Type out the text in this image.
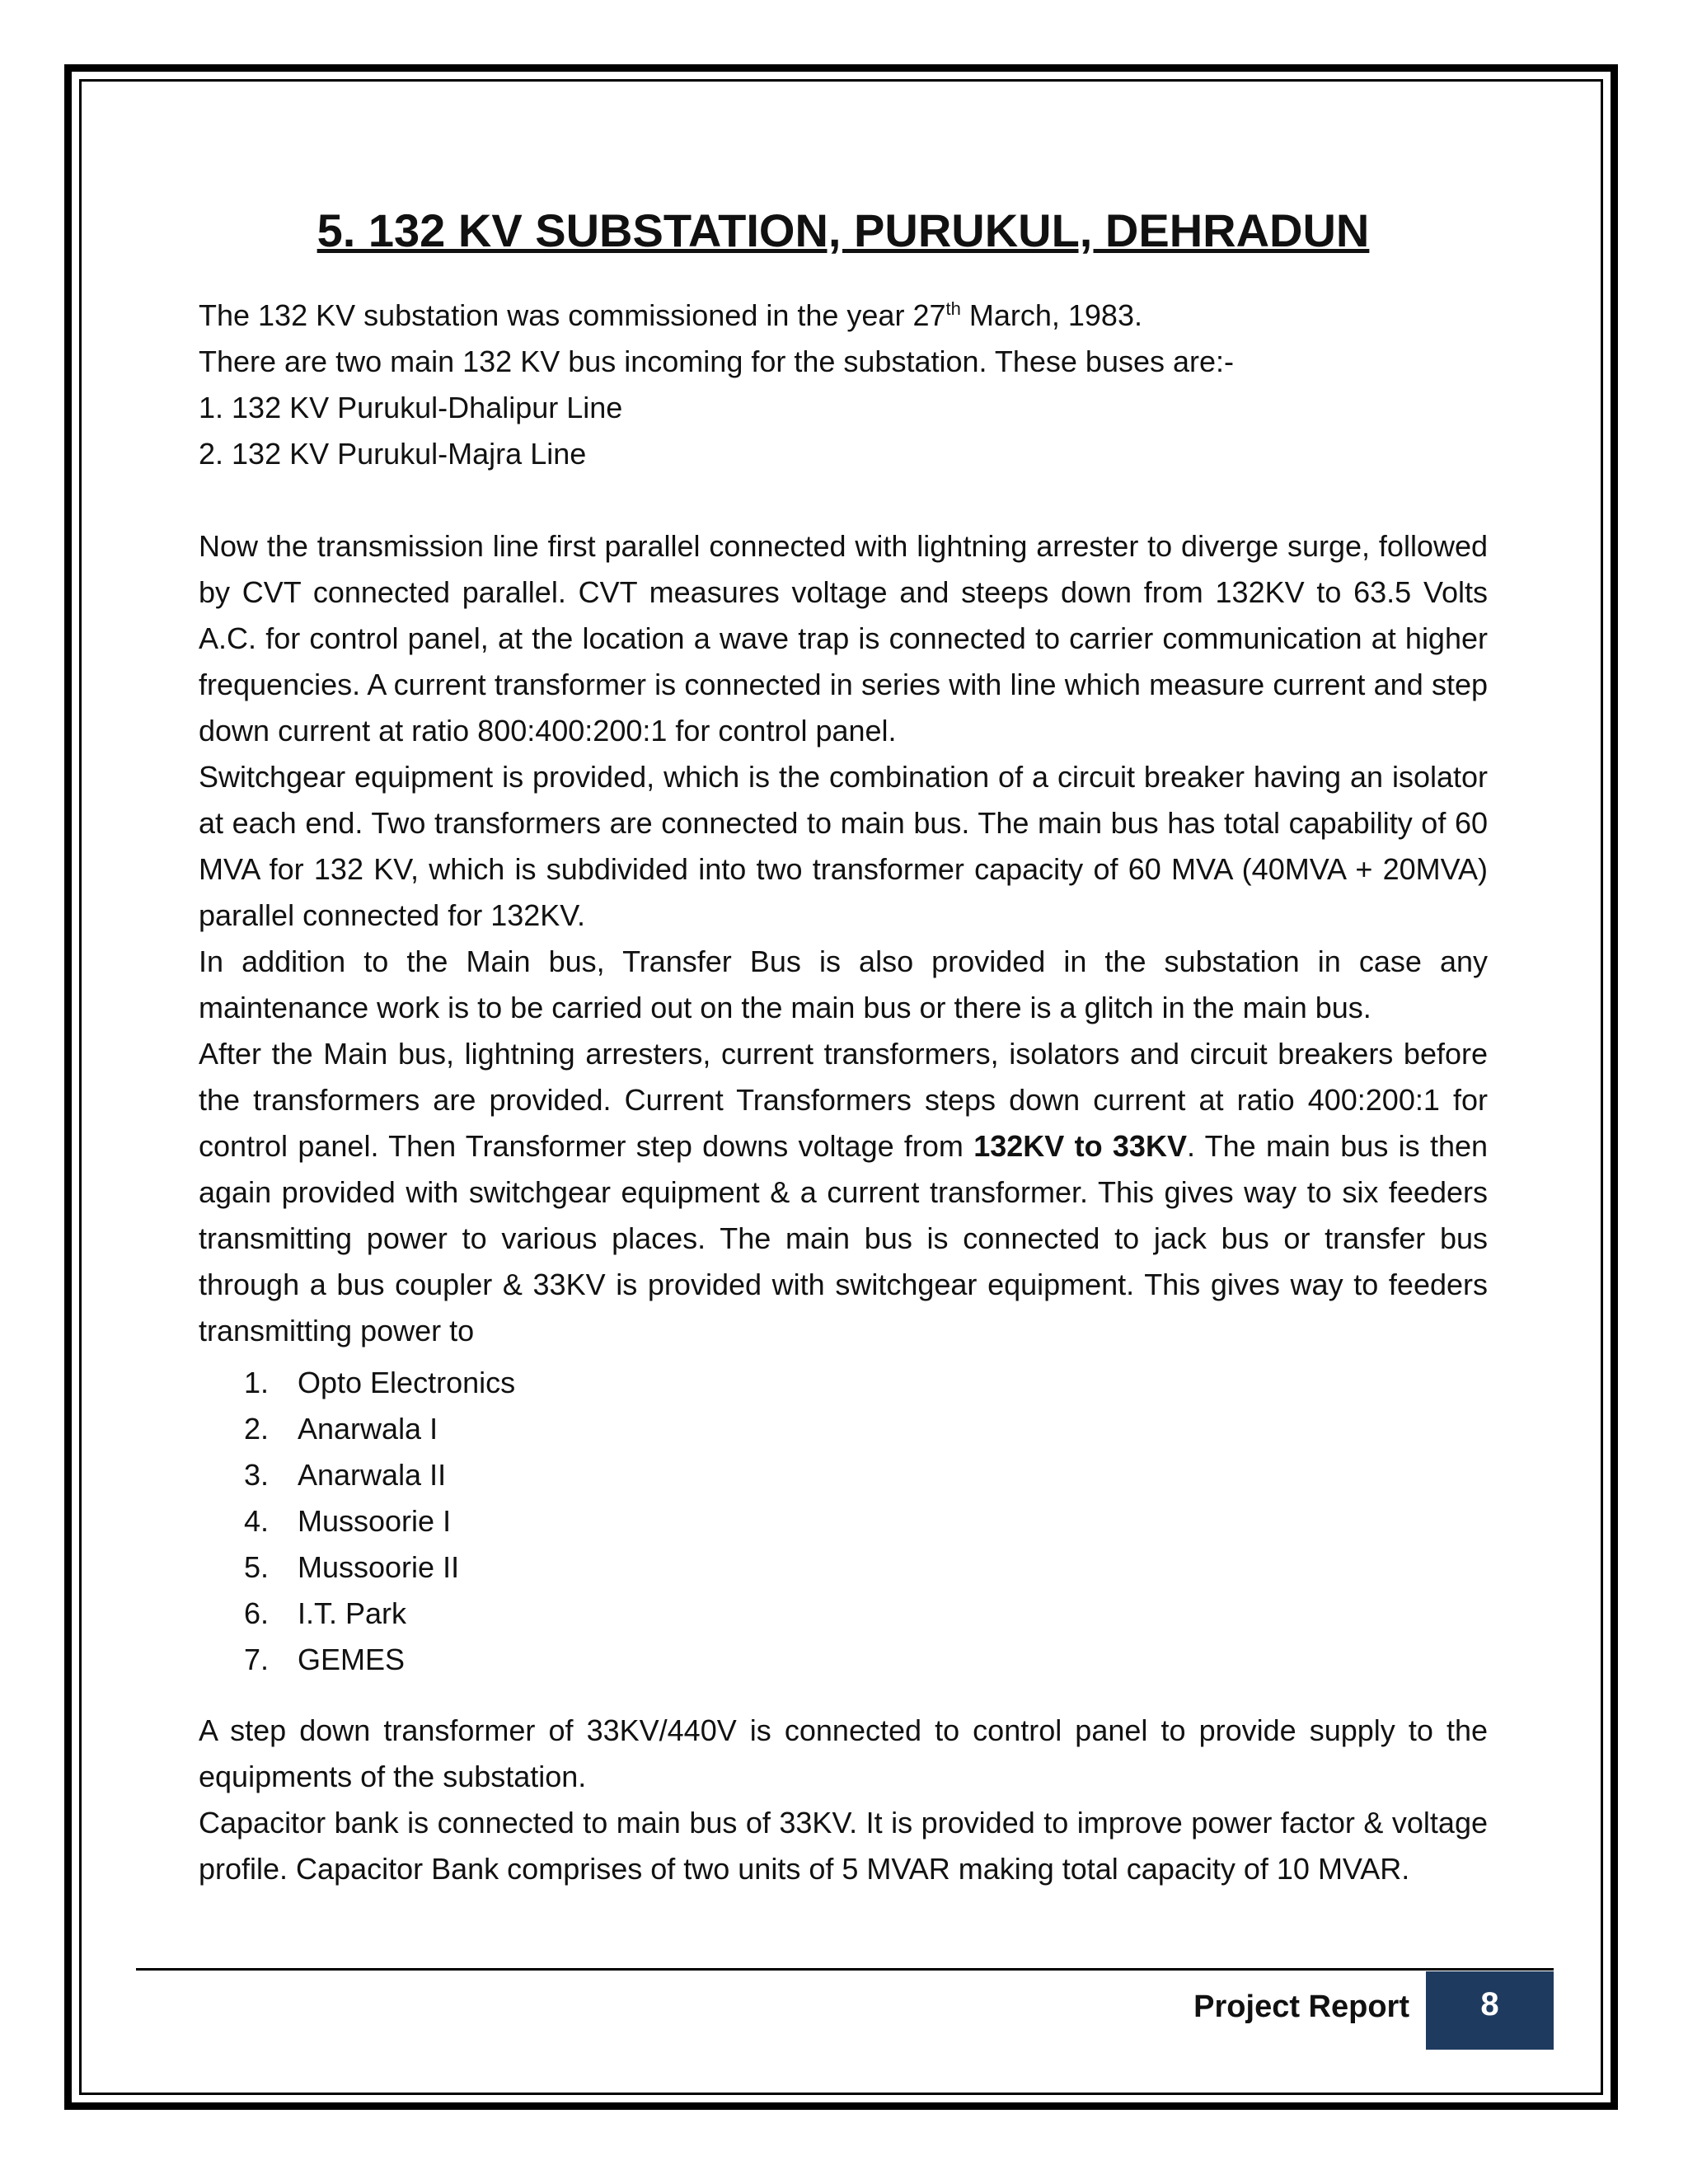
5. 132 KV SUBSTATION, PURUKUL, DEHRADUN
The 132 KV substation was commissioned in the year 27th March, 1983.
There are two main 132 KV bus incoming for the substation. These buses are:-
1. 132 KV Purukul-Dhalipur Line
2. 132 KV Purukul-Majra Line

Now the transmission line first parallel connected with lightning arrester to diverge surge, followed by CVT connected parallel. CVT measures voltage and steeps down from 132KV to 63.5 Volts A.C. for control panel, at the location a wave trap is connected to carrier communication at higher frequencies. A current transformer is connected in series with line which measure current and step down current at ratio 800:400:200:1 for control panel.

Switchgear equipment is provided, which is the combination of a circuit breaker having an isolator at each end. Two transformers are connected to main bus. The main bus has total capability of 60 MVA for 132 KV, which is subdivided into two transformer capacity of 60 MVA (40MVA + 20MVA) parallel connected for 132KV.

In addition to the Main bus, Transfer Bus is also provided in the substation in case any maintenance work is to be carried out on the main bus or there is a glitch in the main bus.

After the Main bus, lightning arresters, current transformers, isolators and circuit breakers before the transformers are provided. Current Transformers steps down current at ratio 400:200:1 for control panel. Then Transformer step downs voltage from 132KV to 33KV. The main bus is then again provided with switchgear equipment & a current transformer. This gives way to six feeders transmitting power to various places. The main bus is connected to jack bus or transfer bus through a bus coupler & 33KV is provided with switchgear equipment. This gives way to feeders transmitting power to

1. Opto Electronics
2. Anarwala I
3. Anarwala II
4. Mussoorie I
5. Mussoorie II
6. I.T. Park
7. GEMES

A step down transformer of 33KV/440V is connected to control panel to provide supply to the equipments of the substation.

Capacitor bank is connected to main bus of 33KV. It is provided to improve power factor & voltage profile. Capacitor Bank comprises of two units of 5 MVAR making total capacity of 10 MVAR.

Project Report	8
